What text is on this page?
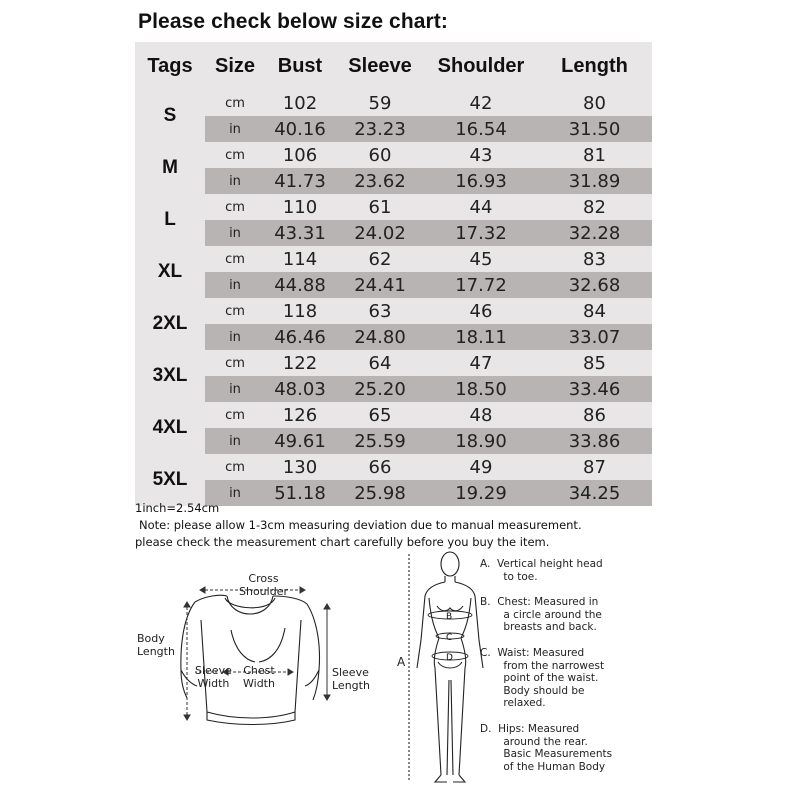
Please check below size chart:
Tags	Size	Bust	Sleeve	Shoulder	Length
S	cm	102	59	42	80
	in	40.16	23.23	16.54	31.50
M	cm	106	60	43	81
	in	41.73	23.62	16.93	31.89
L	cm	110	61	44	82
	in	43.31	24.02	17.32	32.28
XL	cm	114	62	45	83
	in	44.88	24.41	17.72	32.68
2XL	cm	118	63	46	84
	in	46.46	24.80	18.11	33.07
3XL	cm	122	64	47	85
	in	48.03	25.20	18.50	33.46
4XL	cm	126	65	48	86
	in	49.61	25.59	18.90	33.86
5XL	cm	130	66	49	87
	in	51.18	25.98	19.29	34.25
1inch=2.54cm
Note: please allow 1-3cm measuring deviation due to manual measurement.
please check the measurement chart carefully before you buy the item.
Cross
Shoulder
Body
Length
Sleeve
Width
Chest
Width
Sleeve
Length
B
C
D
A
A.  Vertical height head
to toe.
B.  Chest: Measured in
a circle around the
breasts and back.
C.  Waist: Measured
from the narrowest
point of the waist.
Body should be
relaxed.
D.  Hips: Measured
around the rear.
Basic Measurements
of the Human Body
